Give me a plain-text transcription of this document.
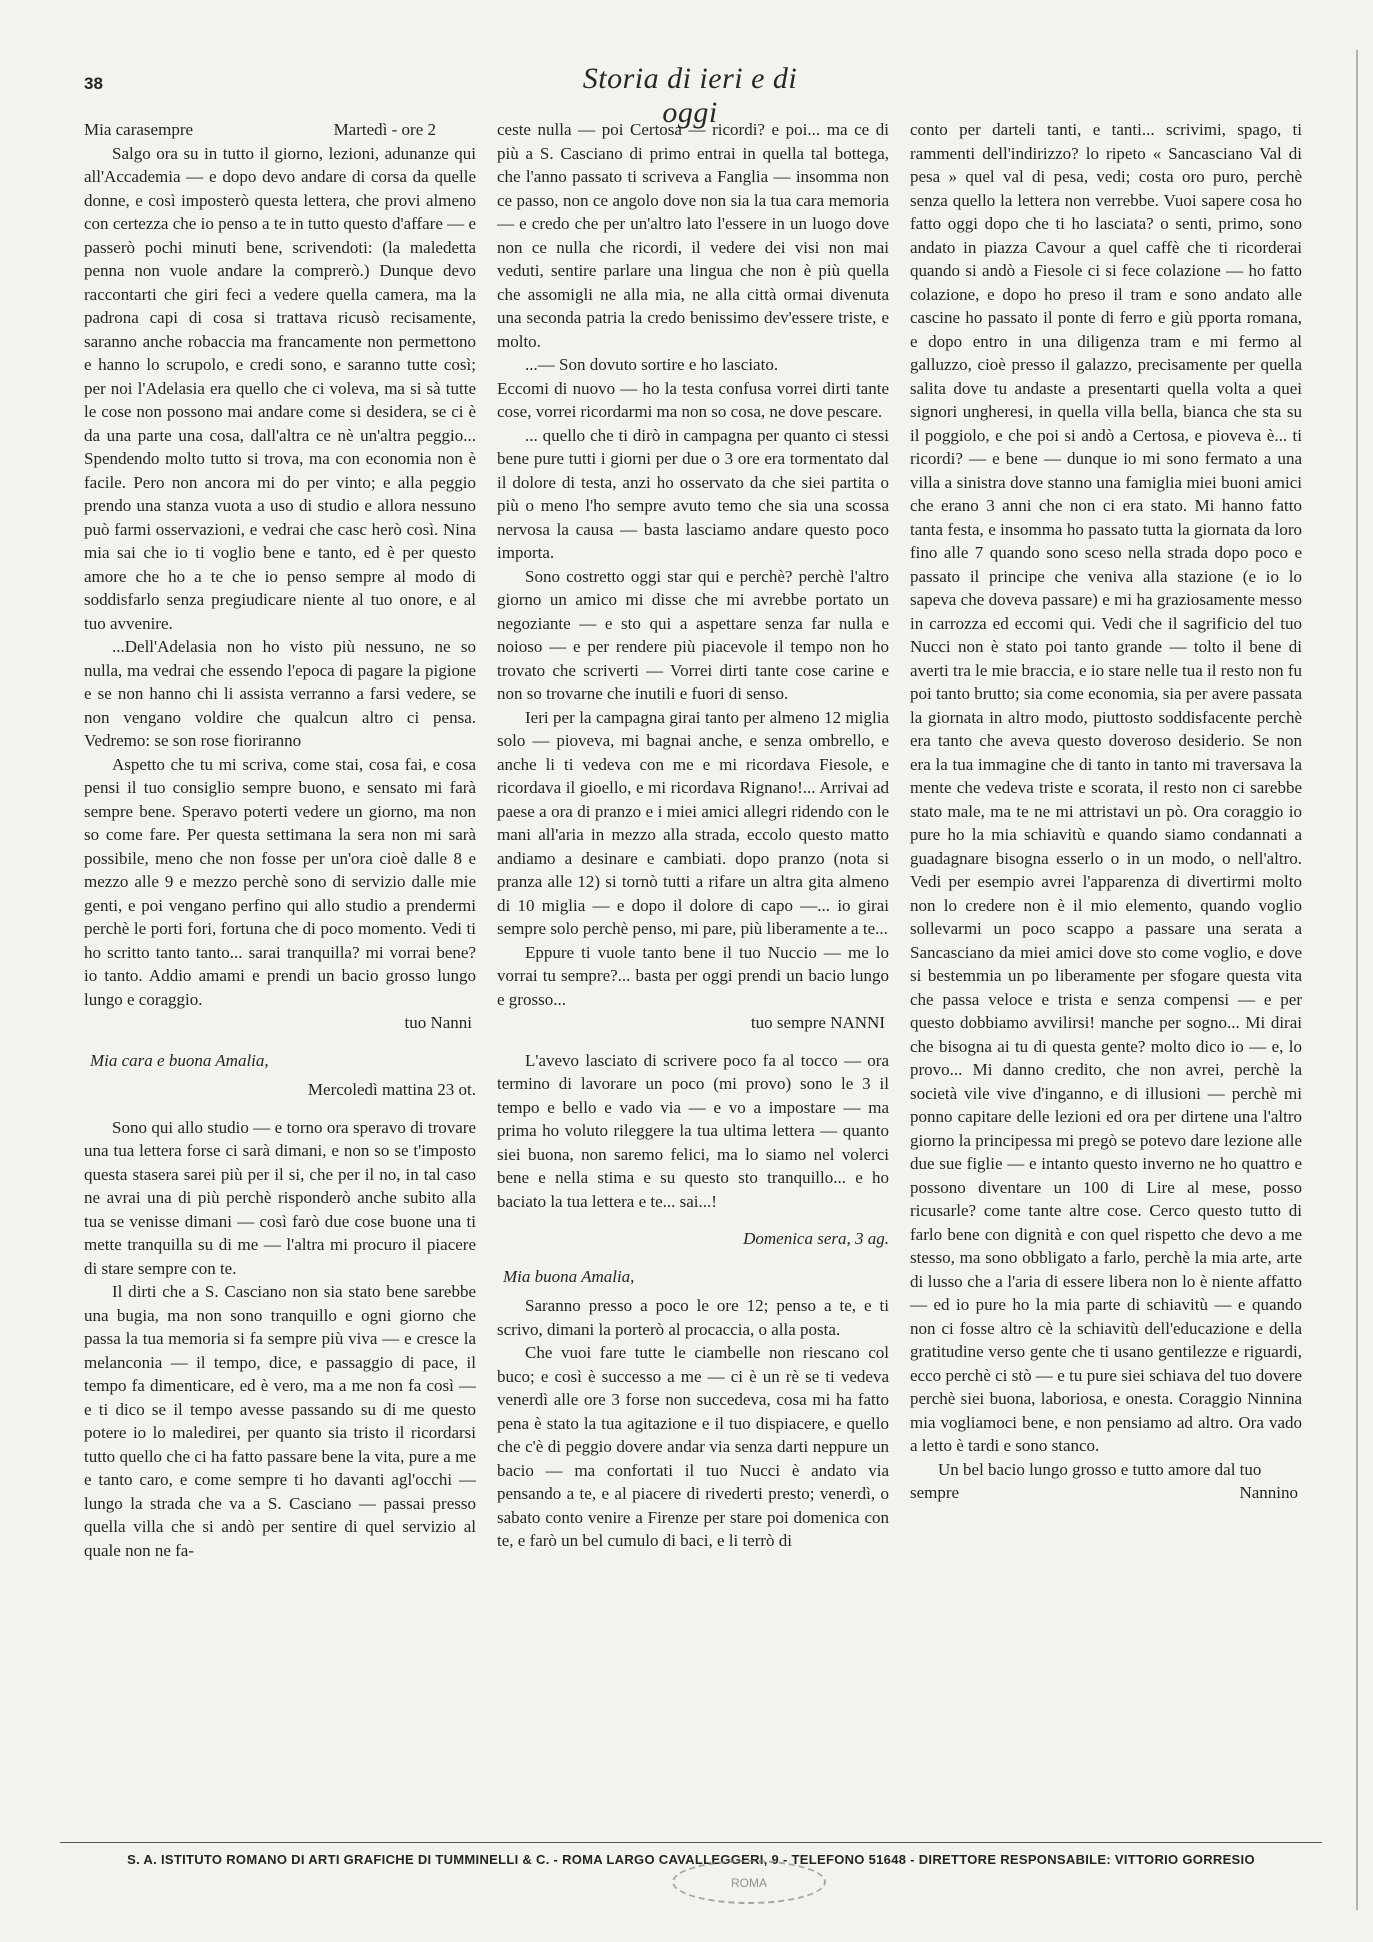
38	Storia di ieri e di oggi

Mia carasempre	Martedì - ore 2

Salgo ora su in tutto il giorno, lezioni, adunanze qui all'Accademia — e dopo devo andare di corsa da quelle donne, e così imposterò questa lettera, che provi almeno con certezza che io penso a te in tutto questo d'affare — e passerò pochi minuti bene, scrivendoti: (la maledetta penna non vuole andare la comprerò.) Dunque devo raccontarti che giri feci a vedere quella camera, ma la padrona capi di cosa si trattava ricusò recisamente, saranno anche robaccia ma francamente non permettono e hanno lo scrupolo, e credi sono, e saranno tutte così; per noi l'Adelasia era quello che ci voleva, ma si sà tutte le cose non possono mai andare come si desidera, se ci è da una parte una cosa, dall'altra ce nè un'altra peggio... Spendendo molto tutto si trova, ma con economia non è facile. Pero non ancora mi do per vinto; e alla peggio prendo una stanza vuota a uso di studio e allora nessuno può farmi osservazioni, e vedrai che casc herò così. Nina mia sai che io ti voglio bene e tanto, ed è per questo amore che ho a te che io penso sempre al modo di soddisfarlo senza pregiudicare niente al tuo onore, e al tuo avvenire.

...Dell'Adelasia non ho visto più nessuno, ne so nulla, ma vedrai che essendo l'epoca di pagare la pigione e se non hanno chi li assista verranno a farsi vedere, se non vengano voldire che qualcun altro ci pensa. Vedremo: se son rose fioriranno

Aspetto che tu mi scriva, come stai, cosa fai, e cosa pensi il tuo consiglio sempre buono, e sensato mi farà sempre bene. Speravo poterti vedere un giorno, ma non so come fare. Per questa settimana la sera non mi sarà possibile, meno che non fosse per un'ora cioè dalle 8 e mezzo alle 9 e mezzo perchè sono di servizio dalle mie genti, e poi vengano perfino qui allo studio a prendermi perchè le porti fori, fortuna che di poco momento. Vedi ti ho scritto tanto tanto... sarai tranquilla? mi vorrai bene? io tanto. Addio amami e prendi un bacio grosso lungo lungo e coraggio.

tuo Nanni

Mia cara e buona Amalia,

Mercoledì mattina 23 ot.

Sono qui allo studio — e torno ora speravo di trovare una tua lettera forse ci sarà dimani, e non so se t'imposto questa stasera sarei più per il si, che per il no, in tal caso ne avrai una di più perchè risponderò anche subito alla tua se venisse dimani — così farò due cose buone una ti mette tranquilla su di me — l'altra mi procuro il piacere di stare sempre con te.

Il dirti che a S. Casciano non sia stato bene sarebbe una bugia, ma non sono tranquillo e ogni giorno che passa la tua memoria si fa sempre più viva — e cresce la melanconia — il tempo, dice, e passaggio di pace, il tempo fa dimenticare, ed è vero, ma a me non fa così — e ti dico se il tempo avesse passando su di me questo potere io lo maledirei, per quanto sia tristo il ricordarsi tutto quello che ci ha fatto passare bene la vita, pure a me e tanto caro, e come sempre ti ho davanti agl'occhi — lungo la strada che va a S. Casciano — passai presso quella villa che si andò per sentire di quel servizio al quale non ne fa-

ceste nulla — poi Certosa — ricordi? e poi... ma ce di più a S. Casciano di primo entrai in quella tal bottega, che l'anno passato ti scriveva a Fanglia — insomma non ce passo, non ce angolo dove non sia la tua cara memoria — e credo che per un'altro lato l'essere in un luogo dove non ce nulla che ricordi, il vedere dei visi non mai veduti, sentire parlare una lingua che non è più quella che assomigli ne alla mia, ne alla città ormai divenuta una seconda patria la credo benissimo dev'essere triste, e molto.

...— Son dovuto sortire e ho lasciato.

Eccomi di nuovo — ho la testa confusa vorrei dirti tante cose, vorrei ricordarmi ma non so cosa, ne dove pescare.

... quello che ti dirò in campagna per quanto ci stessi bene pure tutti i giorni per due o 3 ore era tormentato dal il dolore di testa, anzi ho osservato da che siei partita o più o meno l'ho sempre avuto temo che sia una scossa nervosa la causa — basta lasciamo andare questo poco importa.

Sono costretto oggi star qui e perchè? perchè l'altro giorno un amico mi disse che mi avrebbe portato un negoziante — e sto qui a aspettare senza far nulla e noioso — e per rendere più piacevole il tempo non ho trovato che scriverti — Vorrei dirti tante cose carine e non so trovarne che inutili e fuori di senso.

Ieri per la campagna girai tanto per almeno 12 miglia solo — pioveva, mi bagnai anche, e senza ombrello, e anche li ti vedeva con me e mi ricordava Fiesole, e ricordava il gioello, e mi ricordava Rignano!... Arrivai ad paese a ora di pranzo e i miei amici allegri ridendo con le mani all'aria in mezzo alla strada, eccolo questo matto andiamo a desinare e cambiati. dopo pranzo (nota si pranza alle 12) si tornò tutti a rifare un altra gita almeno di 10 miglia — e dopo il dolore di capo —... io girai sempre solo perchè penso, mi pare, più liberamente a te...

Eppure ti vuole tanto bene il tuo Nuccio — me lo vorrai tu sempre?... basta per oggi prendi un bacio lungo e grosso...

tuo sempre NANNI

L'avevo lasciato di scrivere poco fa al tocco — ora termino di lavorare un poco (mi provo) sono le 3 il tempo e bello e vado via — e vo a impostare — ma prima ho voluto rileggere la tua ultima lettera — quanto siei buona, non saremo felici, ma lo siamo nel volerci bene e nella stima e su questo sto tranquillo... e ho baciato la tua lettera e te... sai...!

Domenica sera, 3 ag.

Mia buona Amalia,

Saranno presso a poco le ore 12; penso a te, e ti scrivo, dimani la porterò al procaccia, o alla posta.

Che vuoi fare tutte le ciambelle non riescano col buco; e così è successo a me — ci è un rè se ti vedeva venerdì alle ore 3 forse non succedeva, cosa mi ha fatto pena è stato la tua agitazione e il tuo dispiacere, e quello che c'è di peggio dovere andar via senza darti neppure un bacio — ma confortati il tuo Nucci è andato via pensando a te, e al piacere di rivederti presto; venerdì, o sabato conto venire a Firenze per stare poi domenica con te, e farò un bel cumulo di baci, e li terrò di

conto per darteli tanti, e tanti... scrivimi, spago, ti rammenti dell'indirizzo? lo ripeto « Sancasciano Val di pesa » quel val di pesa, vedi; costa oro puro, perchè senza quello la lettera non verrebbe. Vuoi sapere cosa ho fatto oggi dopo che ti ho lasciata? o senti, primo, sono andato in piazza Cavour a quel caffè che ti ricorderai quando si andò a Fiesole ci si fece colazione — ho fatto colazione, e dopo ho preso il tram e sono andato alle cascine ho passato il ponte di ferro e giù pporta romana, e dopo entro in una diligenza tram e mi fermo al galluzzo, cioè presso il galazzo, precisamente per quella salita dove tu andaste a presentarti quella volta a quei signori ungheresi, in quella villa bella, bianca che sta su il poggiolo, e che poi si andò a Certosa, e pioveva è... ti ricordi? — e bene — dunque io mi sono fermato a una villa a sinistra dove stanno una famiglia miei buoni amici che erano 3 anni che non ci era stato. Mi hanno fatto tanta festa, e insomma ho passato tutta la giornata da loro fino alle 7 quando sono sceso nella strada dopo poco e passato il principe che veniva alla stazione (e io lo sapeva che doveva passare) e mi ha graziosamente messo in carrozza ed eccomi qui. Vedi che il sagrificio del tuo Nucci non è stato poi tanto grande — tolto il bene di averti tra le mie braccia, e io stare nelle tua il resto non fu poi tanto brutto; sia come economia, sia per avere passata la giornata in altro modo, piuttosto soddisfacente perchè era tanto che aveva questo doveroso desiderio. Se non era la tua immagine che di tanto in tanto mi traversava la mente che vedeva triste e scorata, il resto non ci sarebbe stato male, ma te ne mi attristavi un pò. Ora coraggio io pure ho la mia schiavitù e quando siamo condannati a guadagnare bisogna esserlo o in un modo, o nell'altro. Vedi per esempio avrei l'apparenza di divertirmi molto non lo credere non è il mio elemento, quando voglio sollevarmi un poco scappo a passare una serata a Sancasciano da miei amici dove sto come voglio, e dove si bestemmia un po liberamente per sfogare questa vita che passa veloce e trista e senza compensi — e per questo dobbiamo avvilirsi! manche per sogno... Mi dirai che bisogna ai tu di questa gente? molto dico io — e, lo provo... Mi danno credito, che non avrei, perchè la società vile vive d'inganno, e di illusioni — perchè mi ponno capitare delle lezioni ed ora per dirtene una l'altro giorno la principessa mi pregò se potevo dare lezione alle due sue figlie — e intanto questo inverno ne ho quattro e possono diventare un 100 di Lire al mese, posso ricusarle? come tante altre cose. Cerco questo tutto di farlo bene con dignità e con quel rispetto che devo a me stesso, ma sono obbligato a farlo, perchè la mia arte, arte di lusso che a l'aria di essere libera non lo è niente affatto — ed io pure ho la mia parte di schiavitù — e quando non ci fosse altro cè la schiavitù dell'educazione e della gratitudine verso gente che ti usano gentilezze e riguardi, ecco perchè ci stò — e tu pure siei schiava del tuo dovere perchè siei buona, laboriosa, e onesta. Coraggio Ninnina mia vogliamoci bene, e non pensiamo ad altro. Ora vado a letto è tardi e sono stanco.

Un bel bacio lungo grosso e tutto amore dal tuo sempre	Nannino

S. A. ISTITUTO ROMANO DI ARTI GRAFICHE DI TUMMINELLI & C. - ROMA LARGO CAVALLEGGERI, 9 - TELEFONO 51648 - DIRETTORE RESPONSABILE: VITTORIO GORRESIO
ROMA
